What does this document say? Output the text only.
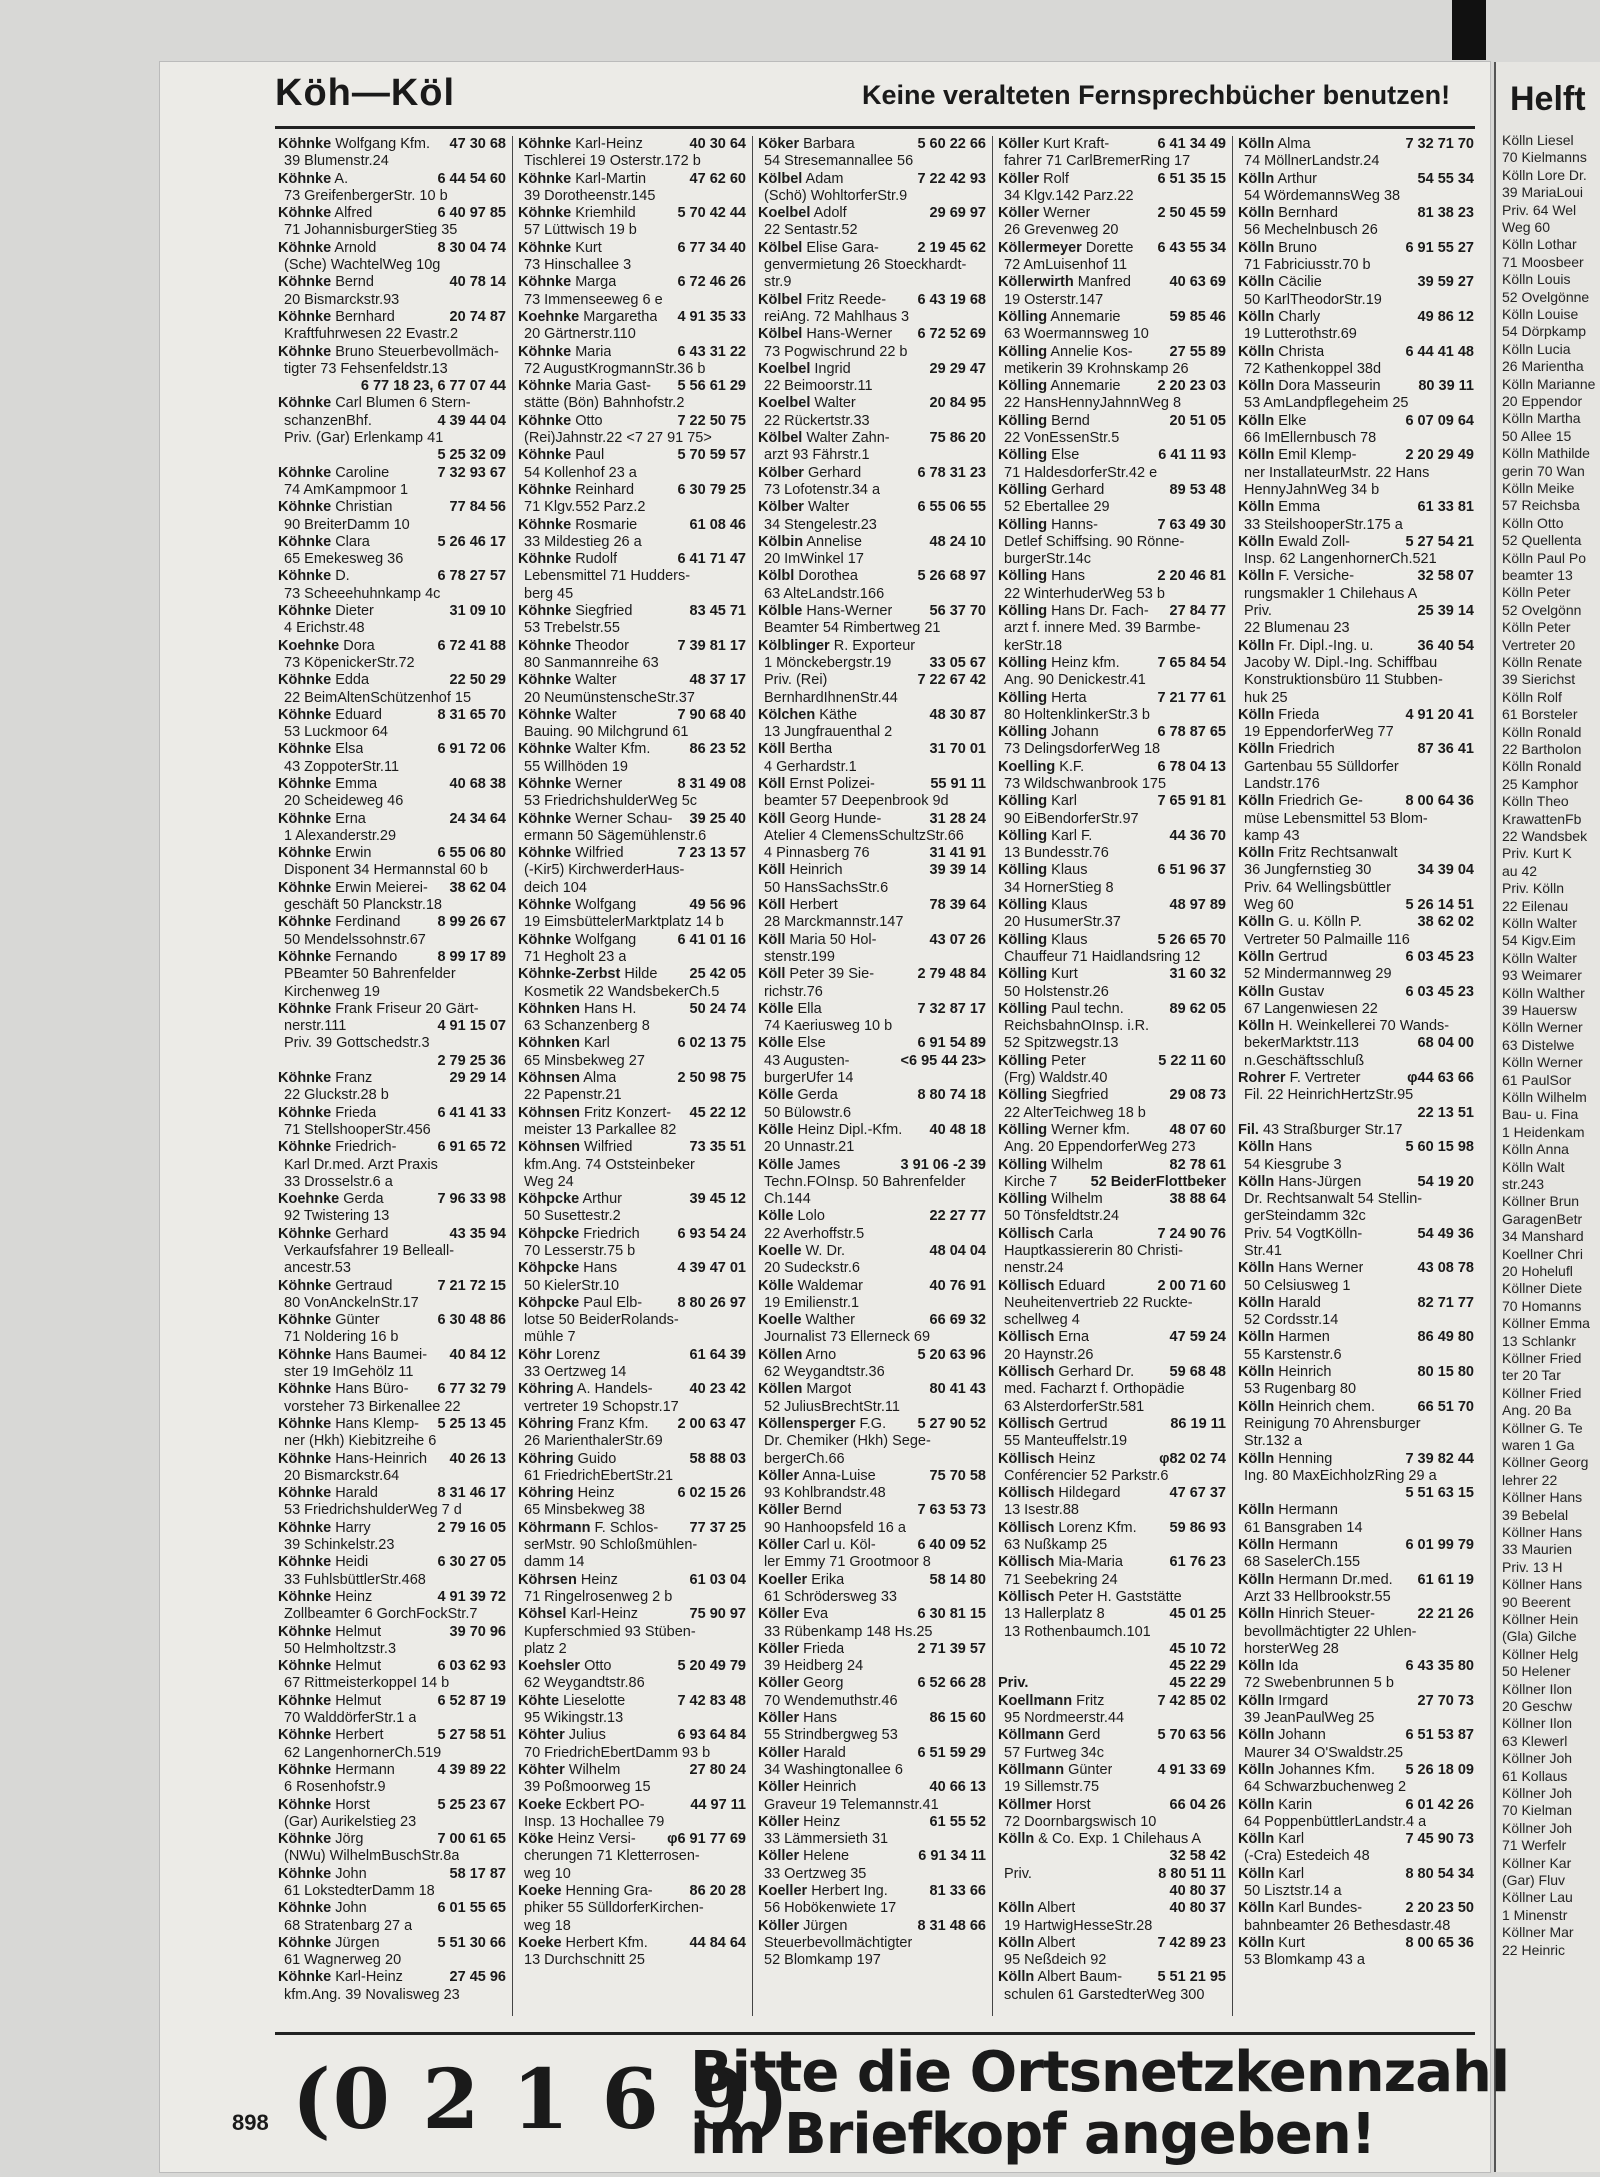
Helft
Kölln Liesel
70 Kielmanns
Kölln Lore Dr.
39 MariaLoui
Priv. 64 Wel
Weg 60
Kölln Lothar
71 Moosbeer
Kölln Louis
52 Ovelgönne
Kölln Louise
54 Dörpkamp
Kölln Lucia
26 Marientha
Kölln Marianne
20 Eppendor
Kölln Martha
50 Allee 15
Kölln Mathilde
gerin 70 Wan
Kölln Meike
57 Reichsba
Kölln Otto
52 Quellentа
Kölln Paul Po
beamter 13
Kölln Peter
52 Ovelgönn
Kölln Peter
Vertreter 20
Kölln Renate
39 Sierichst
Kölln Rolf
61 Borsteler
Kölln Ronald
22 Bartholon
Kölln Ronald
25 Kamphor
Kölln Theo
KrawattenFb
22 Wandsbek
Priv. Kurt K
au 42
Priv. Kölln
22 Eilenau
Kölln Walter
54 Kigv.Eim
Kölln Walter
93 Weimarer
Kölln Walther
39 Hauersw
Kölln Werner
63 Distelwe
Kölln Werner
61 PaulSor
Kölln Wilhelm
Bau- u. Fina
1 Heidenkam
Kölln Anna
Kölln Walt
str.243
Köllner Brun
GaragenBetr
34 Manshard
Koellner Chri
20 Hohelufl
Köllner Diete
70 Homanns
Köllner Emma
13 Schlankr
Köllner Fried
ter 20 Tar
Köllner Fried
Ang. 20 Ba
Köllner G. Te
waren 1 Ga
Köllner Georg
lehrer 22
Köllner Hans
39 Bebelal
Köllner Hans
33 Maurien
Priv. 13 H
Köllner Hans
90 Beerent
Köllner Hein
(Gla) Gilche
Köllner Helg
50 Helener
Köllner Ilon
20 Geschw
Köllner Ilon
63 Klewerl
Köllner Joh
61 Kollaus
Köllner Joh
70 Kielman
Köllner Joh
71 Werfelr
Köllner Kar
(Gar) Fluv
Köllner Lau
1 Minenstr
Köllner Mar
22 Heinric
Köh—Köl	Keine veralteten Fernsprechbücher benutzen!
Köhnke Wolfgang Kfm. 47 30 68
39 Blumenstr.24
Köhnke A.	6 44 54 60
73 GreifenbergerStr. 10 b
Köhnke Alfred	6 40 97 85
71 JohannisburgerStieg 35
Köhnke Arnold	8 30 04 74
(Sche) WachtelWeg 10g
Köhnke Bernd	40 78 14
20 Bismarckstr.93
Köhnke Bernhard	20 74 87
Kraftfuhrwesen 22 Evastr.2
Köhnke Bruno Steuerbevollmäch-
tigter 73 Fehsenfeldstr.13
6 77 18 23, 6 77 07 44
Köhnke Carl Blumen 6 Stern-
schanzenBhf.	4 39 44 04
Priv. (Gar) Erlenkamp 41
5 25 32 09
Köhnke Caroline	7 32 93 67
74 AmKampmoor 1
Köhnke Christian	77 84 56
90 BreiterDamm 10
Köhnke Clara	5 26 46 17
65 Emekesweg 36
Köhnke D.	6 78 27 57
73 Scheeehuhnkamp 4c
Köhnke Dieter	31 09 10
4 Erichstr.48
Koehnke Dora	6 72 41 88
73 KöpenickerStr.72
Köhnke Edda	22 50 29
22 BeimAltenSchützenhof 15
Köhnke Eduard	8 31 65 70
53 Luckmoor 64
Köhnke Elsa	6 91 72 06
43 ZoppoterStr.11
Köhnke Emma	40 68 38
20 Scheideweg 46
Köhnke Erna	24 34 64
1 Alexanderstr.29
Köhnke Erwin	6 55 06 80
Disponent 34 Hermannstal 60 b
Köhnke Erwin Meierei- 38 62 04
geschäft 50 Planckstr.18
Köhnke Ferdinand	8 99 26 67
50 Mendelssohnstr.67
Köhnke Fernando	8 99 17 89
PBeamter 50 Bahrenfelder
Kirchenweg 19
Köhnke Frank Friseur 20 Gärt-
nerstr.111	4 91 15 07
Priv. 39 Gottschedstr.3
2 79 25 36
Köhnke Franz	29 29 14
22 Gluckstr.28 b
Köhnke Frieda	6 41 41 33
71 StellshooperStr.456
Köhnke Friedrich-	6 91 65 72
Karl Dr.med. Arzt Praxis
33 Drosselstr.6 a
Koehnke Gerda	7 96 33 98
92 Twistering 13
Köhnke Gerhard	43 35 94
Verkaufsfahrer 19 Belleall-
ancestr.53
Köhnke Gertraud	7 21 72 15
80 VonAnckelnStr.17
Köhnke Günter	6 30 48 86
71 Noldering 16 b
Köhnke Hans Baumei- 40 84 12
ster 19 ImGehölz 11
Köhnke Hans Büro- 6 77 32 79
vorsteher 73 Birkenallee 22
Köhnke Hans Klemp- 5 25 13 45
ner (Hkh) Kiebitzreihe 6
Köhnke Hans-Heinrich 40 26 13
20 Bismarckstr.64
Köhnke Harald	8 31 46 17
53 FriedrichshulderWeg 7 d
Köhnke Harry	2 79 16 05
39 Schinkelstr.23
Köhnke Heidi	6 30 27 05
33 FuhlsbüttlerStr.468
Köhnke Heinz	4 91 39 72
Zollbeamter 6 GorchFockStr.7
Köhnke Helmut	39 70 96
50 Helmholtzstr.3
Köhnke Helmut	6 03 62 93
67 RittmeisterkoppeI 14 b
Köhnke Helmut	6 52 87 19
70 WalddörferStr.1 a
Köhnke Herbert	5 27 58 51
62 LangenhornerCh.519
Köhnke Hermann	4 39 89 22
6 Rosenhofstr.9
Köhnke Horst	5 25 23 67
(Gar) Aurikelstieg 23
Köhnke Jörg	7 00 61 65
(NWu) WilhelmBuschStr.8a
Köhnke John	58 17 87
61 LokstedterDamm 18
Köhnke John	6 01 55 65
68 Stratenbarg 27 a
Köhnke Jürgen	5 51 30 66
61 Wagnerweg 20
Köhnke Karl-Heinz	27 45 96
kfm.Ang. 39 Novalisweg 23
Köhnke Karl-Heinz	40 30 64
Tischlerei 19 Osterstr.172 b
Köhnke Karl-Martin	47 62 60
39 Dorotheenstr.145
Köhnke Kriemhild	5 70 42 44
57 Lüttwisch 19 b
Köhnke Kurt	6 77 34 40
73 Hinschallee 3
Köhnke Marga	6 72 46 26
73 Immenseeweg 6 e
Koehnke Margaretha 4 91 35 33
20 Gärtnerstr.110
Köhnke Maria	6 43 31 22
72 AugustKrogmannStr.36 b
Köhnke Maria Gast- 5 56 61 29
stätte (Bön) Bahnhofstr.2
Köhnke Otto	7 22 50 75
(Rei)Jahnstr.22 <7 27 91 75>
Köhnke Paul	5 70 59 57
54 Kollenhof 23 a
Köhnke Reinhard	6 30 79 25
71 Klgv.552 Parz.2
Köhnke Rosmarie	61 08 46
33 Mildestieg 26 a
Köhnke Rudolf	6 41 71 47
Lebensmittel 71 Hudders-
berg 45
Köhnke Siegfried	83 45 71
53 Trebelstr.55
Köhnke Theodor	7 39 81 17
80 Sanmannreihe 63
Köhnke Walter	48 37 17
20 NeumünstenscheStr.37
Köhnke Walter	7 90 68 40
Bauing. 90 Milchgrund 61
Köhnke Walter Kfm.	86 23 52
55 Willhöden 19
Köhnke Werner	8 31 49 08
53 FriedrichshulderWeg 5c
Köhnke Werner Schau- 39 25 40
ermann 50 Sägemühlenstr.6
Köhnke Wilfried	7 23 13 57
(-Kir5) KirchwerderHaus-
deich 104
Köhnke Wolfgang	49 56 96
19 EimsbüttelerMarktplatz 14 b
Köhnke Wolfgang	6 41 01 16
71 Hegholt 23 a
Köhnke-Zerbst Hilde 25 42 05
Kosmetik 22 WandsbekerCh.5
Köhnken Hans H.	50 24 74
63 Schanzenberg 8
Köhnken Karl	6 02 13 75
65 Minsbekweg 27
Köhnsen Alma	2 50 98 75
22 Papenstr.21
Köhnsen Fritz Konzert- 45 22 12
meister 13 Parkallee 82
Köhnsen Wilfried	73 35 51
kfm.Ang. 74 Oststeinbeker
Weg 24
Köhpcke Arthur	39 45 12
50 Susettestr.2
Köhpcke Friedrich	6 93 54 24
70 Lesserstr.75 b
Köhpcke Hans	4 39 47 01
50 KielerStr.10
Köhpcke Paul Elb- 8 80 26 97
lotse 50 BeiderRolands-
mühle 7
Köhr Lorenz	61 64 39
33 Oertzweg 14
Köhring A. Handels-	40 23 42
vertreter 19 Schopstr.17
Köhring Franz Kfm. 2 00 63 47
26 MarienthalerStr.69
Köhring Guido	58 88 03
61 FriedrichEbertStr.21
Köhring Heinz	6 02 15 26
65 Minsbekweg 38
Köhrmann F. Schlos- 77 37 25
serMstr. 90 Schloßmühlen-
damm 14
Köhrsen Heinz	61 03 04
71 Ringelrosenweg 2 b
Köhsel Karl-Heinz	75 90 97
Kupferschmied 93 Stüben-
platz 2
Koehsler Otto	5 20 49 79
62 Weygandtstr.86
Köhte Lieselotte	7 42 83 48
95 Wikingstr.13
Köhter Julius	6 93 64 84
70 FriedrichEbertDamm 93 b
Köhter Wilhelm	27 80 24
39 Poßmoorweg 15
Koeke Eckbert PO-	44 97 11
Insp. 13 Hochallee 79
Köke Heinz Versi- φ6 91 77 69
cherungen 71 Kletterrosen-
weg 10
Koeke Henning Gra-	86 20 28
phiker 55 SülldorferKirchen-
weg 18
Koeke Herbert Kfm.	44 84 64
13 Durchschnitt 25
Köker Barbara	5 60 22 66
54 Stresemannallee 56
Kölbel Adam	7 22 42 93
(Schö) WohltorferStr.9
Koelbel Adolf	29 69 97
22 Sentastr.52
Kölbel Elise Gara-	2 19 45 62
genvermietung 26 Stoeckhardt-
str.9
Kölbel Fritz Reede- 6 43 19 68
reiAng. 72 Mahlhaus 3
Kölbel Hans-Werner 6 72 52 69
73 Pogwischrund 22 b
Koelbel Ingrid	29 29 47
22 Beimoorstr.11
Koelbel Walter	20 84 95
22 Rückertstr.33
Kölbel Walter Zahn-	75 86 20
arzt 93 Fährstr.1
Kölber Gerhard	6 78 31 23
73 Lofotenstr.34 a
Kölber Walter	6 55 06 55
34 Stengelestr.23
Kölbin Annelise	48 24 10
20 ImWinkel 17
Kölbl Dorothea	5 26 68 97
63 AlteLandstr.166
Kölble Hans-Werner	56 37 70
Beamter 54 Rimbertweg 21
Kölblinger R. Exporteur
1 Mönckebergstr.19	33 05 67
Priv. (Rei)	7 22 67 42
BernhardIhnenStr.44
Kölchen Käthe	48 30 87
13 Jungfrauenthal 2
Köll Bertha	31 70 01
4 Gerhardstr.1
Köll Ernst Polizei-	55 91 11
beamter 57 Deepenbrook 9d
Köll Georg Hunde-	31 28 24
Atelier 4 ClemensSchultzStr.66
4 Pinnasberg 76	31 41 91
Köll Heinrich	39 39 14
50 HansSachsStr.6
Köll Herbert	78 39 64
28 Marckmannstr.147
Köll Maria 50 Hol-	43 07 26
stenstr.199
Köll Peter 39 Sie-	2 79 48 84
richstr.76
Kölle Ella	7 32 87 17
74 Kaeriusweg 10 b
Kölle Else	6 91 54 89
43 Augusten-	<6 95 44 23>
burgerUfer 14
Kölle Gerda	8 80 74 18
50 Bülowstr.6
Kölle Heinz Dipl.-Kfm. 40 48 18
20 Unnastr.21
Kölle James	3 91 06 -2 39
Techn.FOInsp. 50 Bahrenfelder
Ch.144
Kölle Lolo	22 27 77
22 Averhoffstr.5
Koelle W. Dr.	48 04 04
20 Sudeckstr.6
Kölle Waldemar	40 76 91
19 Emilienstr.1
Koelle Walther	66 69 32
Journalist 73 Ellerneck 69
Köllen Arno	5 20 63 96
62 Weygandtstr.36
Köllen Margot	80 41 43
52 JuliusBrechtStr.11
Köllensperger F.G. 5 27 90 52
Dr. Chemiker (Hkh) Sege-
bergerCh.66
Köller Anna-Luise	75 70 58
93 Kohlbrandstr.48
Köller Bernd	7 63 53 73
90 Hanhoopsfeld 16 a
Köller Carl u. Köl-	6 40 09 52
ler Emmy 71 Grootmoor 8
Koeller Erika	58 14 80
61 Schrödersweg 33
Köller Eva	6 30 81 15
33 Rübenkamp 148 Hs.25
Köller Frieda	2 71 39 57
39 Heidberg 24
Köller Georg	6 52 66 28
70 Wendemuthstr.46
Köller Hans	86 15 60
55 Strindbergweg 53
Köller Harald	6 51 59 29
34 Washingtonallee 6
Köller Heinrich	40 66 13
Graveur 19 Telemannstr.41
Köller Heinz	61 55 52
33 Lämmersieth 31
Köller Helene	6 91 34 11
33 Oertzweg 35
Koeller Herbert Ing.	81 33 66
56 Hobökenwiete 17
Köller Jürgen	8 31 48 66
Steuerbevollmächtigter
52 Blomkamp 197
Köller Kurt Kraft-	6 41 34 49
fahrer 71 CarlBremerRing 17
Köller Rolf	6 51 35 15
34 Klgv.142 Parz.22
Köller Werner	2 50 45 59
26 Grevenweg 20
Köllermeyer Dorette 6 43 55 34
72 AmLuisenhof 11
Köllerwirth Manfred	40 63 69
19 Osterstr.147
Kölling Annemarie	59 85 46
63 Woermannsweg 10
Kölling Annelie Kos-	27 55 89
metikerin 39 Krohnskamp 26
Kölling Annemarie	2 20 23 03
22 HansHennyJahnnWeg 8
Kölling Bernd	20 51 05
22 VonEssenStr.5
Kölling Else	6 41 11 93
71 HaldesdorferStr.42 e
Kölling Gerhard	89 53 48
52 Ebertallee 29
Kölling Hanns-	7 63 49 30
Detlef Schiffsing. 90 Rönne-
burgerStr.14c
Kölling Hans	2 20 46 81
22 WinterhuderWeg 53 b
Kölling Hans Dr. Fach- 27 84 77
arzt f. innere Med. 39 Barmbe-
kerStr.18
Kölling Heinz kfm.	7 65 84 54
Ang. 90 Denickestr.41
Kölling Herta	7 21 77 61
80 HoltenklinkerStr.3 b
Kölling Johann	6 78 87 65
73 DelingsdorferWeg 18
Koelling K.F.	6 78 04 13
73 Wildschwanbrook 175
Kölling Karl	7 65 91 81
90 EiBendorferStr.97
Kölling Karl F.	44 36 70
13 Bundesstr.76
Kölling Klaus	6 51 96 37
34 HornerStieg 8
Kölling Klaus	48 97 89
20 HusumerStr.37
Kölling Klaus	5 26 65 70
Chauffeur 71 Haidlandsring 12
Kölling Kurt	31 60 32
50 Holstenstr.26
Kölling Paul techn.	89 62 05
ReichsbahnOInsp. i.R.
52 Spitzwegstr.13
Kölling Peter	5 22 11 60
(Frg) Waldstr.40
Kölling Siegfried	29 08 73
22 AlterTeichweg 18 b
Kölling Werner kfm.	48 07 60
Ang. 20 EppendorferWeg 273
Kölling Wilhelm	82 78 61
Kirche 7 52 BeiderFlottbeker
Kölling Wilhelm	38 88 64
50 Tönsfeldtstr.24
Köllisch Carla	7 24 90 76
Hauptkassiererin 80 Christi-
nenstr.24
Köllisch Eduard	2 00 71 60
Neuheitenvertrieb 22 Ruckte-
schellweg 4
Köllisch Erna	47 59 24
20 Haynstr.26
Köllisch Gerhard Dr. 59 68 48
med. Facharzt f. Orthopädie
63 AlsterdorferStr.581
Köllisch Gertrud	86 19 11
55 Manteuffelstr.19
Köllisch Heinz	φ82 02 74
Conférencier 52 Parkstr.6
Köllisch Hildegard	47 67 37
13 Isestr.88
Köllisch Lorenz Kfm. 59 86 93
63 Nußkamp 25
Köllisch Mia-Maria	61 76 23
71 Seebekring 24
Köllisch Peter H. Gaststätte
13 Hallerplatz 8	45 01 25
13 Rothenbaumch.101
45 10 72
45 22 29
Priv.	45 22 29
Koellmann Fritz	7 42 85 02
95 Nordmeerstr.44
Köllmann Gerd	5 70 63 56
57 Furtweg 34c
Köllmann Günter	4 91 33 69
19 Sillemstr.75
Köllmer Horst	66 04 26
72 Doornbargswisch 10
Kölln & Co. Exp. 1 Chilehaus A
32 58 42
Priv.	8 80 51 11
40 80 37
Kölln Albert	40 80 37
19 HartwigHesseStr.28
Kölln Albert	7 42 89 23
95 Neßdeich 92
Kölln Albert Baum- 5 51 21 95
schulen 61 GarstedterWeg 300
Kölln Alma	7 32 71 70
74 MöllnerLandstr.24
Kölln Arthur	54 55 34
54 WördemannsWeg 38
Kölln Bernhard	81 38 23
56 Mechelnbusch 26
Kölln Bruno	6 91 55 27
71 Fabriciusstr.70 b
Kölln Cäcilie	39 59 27
50 KarlTheodorStr.19
Kölln Charly	49 86 12
19 Lutterothstr.69
Kölln Christa	6 44 41 48
72 Kathenkoppel 38d
Kölln Dora Masseurin	80 39 11
53 AmLandpflegeheim 25
Kölln Elke	6 07 09 64
66 ImEllernbusch 78
Kölln Emil Klemp-	2 20 29 49
ner InstallateurMstr. 22 Hans
HennyJahnWeg 34 b
Kölln Emma	61 33 81
33 SteilshooperStr.175 a
Kölln Ewald Zoll-	5 27 54 21
Insp. 62 LangenhornerCh.521
Kölln F. Versiche-	32 58 07
rungsmakler 1 Chilehaus A
Priv.	25 39 14
22 Blumenau 23
Kölln Fr. Dipl.-Ing. u.	36 40 54
Jacoby W. Dipl.-Ing. Schiffbau
Konstruktionsbüro 11 Stubben-
huk 25
Kölln Frieda	4 91 20 41
19 EppendorferWeg 77
Kölln Friedrich	87 36 41
Gartenbau 55 Sülldorfer
Landstr.176
Kölln Friedrich Ge-	8 00 64 36
müse Lebensmittel 53 Blom-
kamp 43
Kölln Fritz Rechtsanwalt
36 Jungfernstieg 30	34 39 04
Priv. 64 Wellingsbüttler
Weg 60	5 26 14 51
Kölln G. u. Kölln P.	38 62 02
Vertreter 50 Palmaille 116
Kölln Gertrud	6 03 45 23
52 Mindermannweg 29
Kölln Gustav	6 03 45 23
67 Langenwiesen 22
Kölln H. Weinkellerei 70 Wands-
bekerMarktstr.113	68 04 00
n.Geschäftsschluß
Rohrer F. Vertreter	φ44 63 66
Fil. 22 HeinrichHertzStr.95
22 13 51
Fil. 43 Straßburger Str.17
Kölln Hans	5 60 15 98
54 Kiesgrube 3
Kölln Hans-Jürgen	54 19 20
Dr. Rechtsanwalt 54 Stellin-
gerSteindamm 32c
Priv. 54 VogtKölln-	54 49 36
Str.41
Kölln Hans Werner	43 08 78
50 Celsiusweg 1
Kölln Harald	82 71 77
52 Cordsstr.14
Kölln Harmen	86 49 80
55 Karstenstr.6
Kölln Heinrich	80 15 80
53 Rugenbarg 80
Kölln Heinrich chem.	66 51 70
Reinigung 70 Ahrensburger
Str.132 a
Kölln Henning	7 39 82 44
Ing. 80 MaxEichholzRing 29 a
5 51 63 15
Kölln Hermann
61 Bansgraben 14
Kölln Hermann	6 01 99 79
68 SaselerCh.155
Kölln Hermann Dr.med. 61 61 19
Arzt 33 Hellbrookstr.55
Kölln Hinrich Steuer-	22 21 26
bevollmächtigter 22 Uhlen-
horsterWeg 28
Kölln Ida	6 43 35 80
72 Swebenbrunnen 5 b
Kölln Irmgard	27 70 73
39 JeanPaulWeg 25
Kölln Johann	6 51 53 87
Maurer 34 O'Swaldstr.25
Kölln Johannes Kfm. 5 26 18 09
64 Schwarzbuchenweg 2
Kölln Karin	6 01 42 26
64 PoppenbüttlerLandstr.4 a
Kölln Karl	7 45 90 73
(-Cra) Estedeich 48
Kölln Karl	8 80 54 34
50 Lisztstr.14 a
Kölln Karl Bundes-	2 20 23 50
bahnbeamter 26 Bethesdastr.48
Kölln Kurt	8 00 65 36
53 Blomkamp 43 a
898 (0 2 1 6 9)
Bitte die Ortsnetzkennzahl
im Briefkopf angeben!
